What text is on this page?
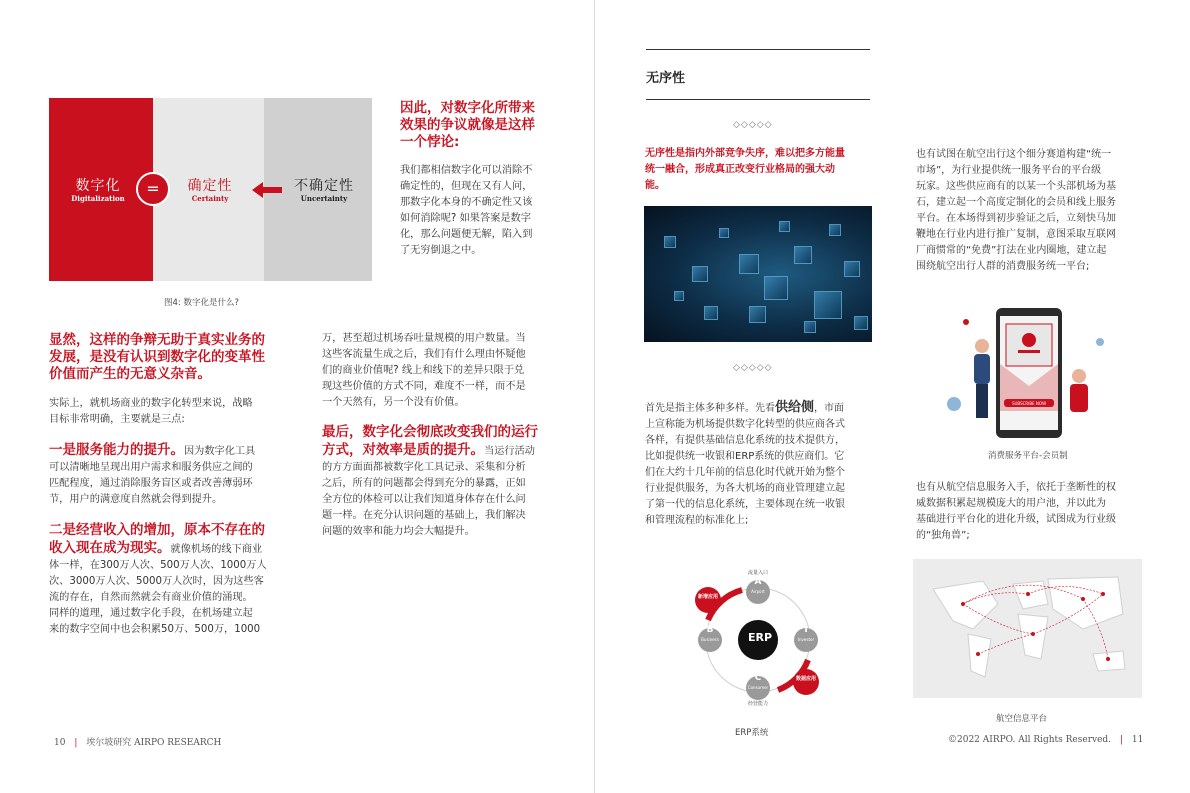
数字化
Digitalization
=	确定性
Certainty
不确定性
Uncertainty
图4: 数字化是什么?
因此，对数字化所带来
效果的争议就像是这样
一个悖论:
我们都相信数字化可以消除不
确定性的，但现在又有人问，
那数字化本身的不确定性又该
如何消除呢? 如果答案是数字
化，那么问题便无解，陷入到
了无穷倒退之中。
显然，这样的争辩无助于真实业务的
发展，是没有认识到数字化的变革性
价值而产生的无意义杂音。
实际上，就机场商业的数字化转型来说，战略
目标非常明确，主要就是三点:
一是服务能力的提升。因为数字化工具
可以清晰地呈现出用户需求和服务供应之间的
匹配程度，通过消除服务盲区或者改善薄弱环
节，用户的满意度自然就会得到提升。
二是经营收入的增加，原本不存在的
收入现在成为现实。就像机场的线下商业
体一样，在300万人次、500万人次、1000万人
次、3000万人次、5000万人次时，因为这些客
流的存在，自然而然就会有商业价值的涌现。
同样的道理，通过数字化手段，在机场建立起
来的数字空间中也会积累50万、500万，1000
万，甚至超过机场吞吐量规模的用户数量。当
这些客流量生成之后，我们有什么理由怀疑他
们的商业价值呢? 线上和线下的差异只限于兑
现这些价值的方式不同，难度不一样，而不是
一个天然有，另一个没有价值。
最后，数字化会彻底改变我们的运行
方式，对效率是质的提升。当运行活动
的方方面面都被数字化工具记录、采集和分析
之后，所有的问题都会得到充分的暴露，正如
全方位的体检可以让我们知道身体存在什么问
题一样。在充分认识问题的基础上，我们解决
问题的效率和能力均会大幅提升。
10 | 埃尔坡研究 AIRPO RESEARCH
无序性
◇◇◇◇◇
无序性是指内外部竞争失序，难以把多方能量
统一融合，形成真正改变行业格局的强大动
能。
◇◇◇◇◇
首先是指主体多种多样。先看供给侧，市面
上宣称能为机场提供数字化转型的供应商各式
各样，有提供基础信息化系统的技术提供方，
比如提供统一收银和ERP系统的供应商们。它
们在大约十几年前的信息化时代就开始为整个
行业提供服务，为各大机场的商业管理建立起
了第一代的信息化系统，主要体现在统一收银
和管理流程的标准化上;
ERP
流量入口
A
Airport
B
Business
I
Investor
C
Consumer
新增应用
数据应用
经营能力
ERP系统
也有试图在航空出行这个细分赛道构建“统一
市场”，为行业提供统一服务平台的平台级
玩家。这些供应商有的以某一个头部机场为基
石，建立起一个高度定制化的会员和线上服务
平台。在本场得到初步验证之后，立刻快马加
鞭地在行业内进行推广复制，意图采取互联网
厂商惯常的“免费”打法在业内圈地，建立起
围绕航空出行人群的消费服务统一平台;
SUBSCRIBE NOW
消费服务平台-会员制
也有从航空信息服务入手，依托于垄断性的权
威数据积累起规模庞大的用户池，并以此为
基础进行平台化的进化升级，试图成为行业级
的“独角兽”;
航空信息平台
©2022 AIRPO. All Rights Reserved. | 11
